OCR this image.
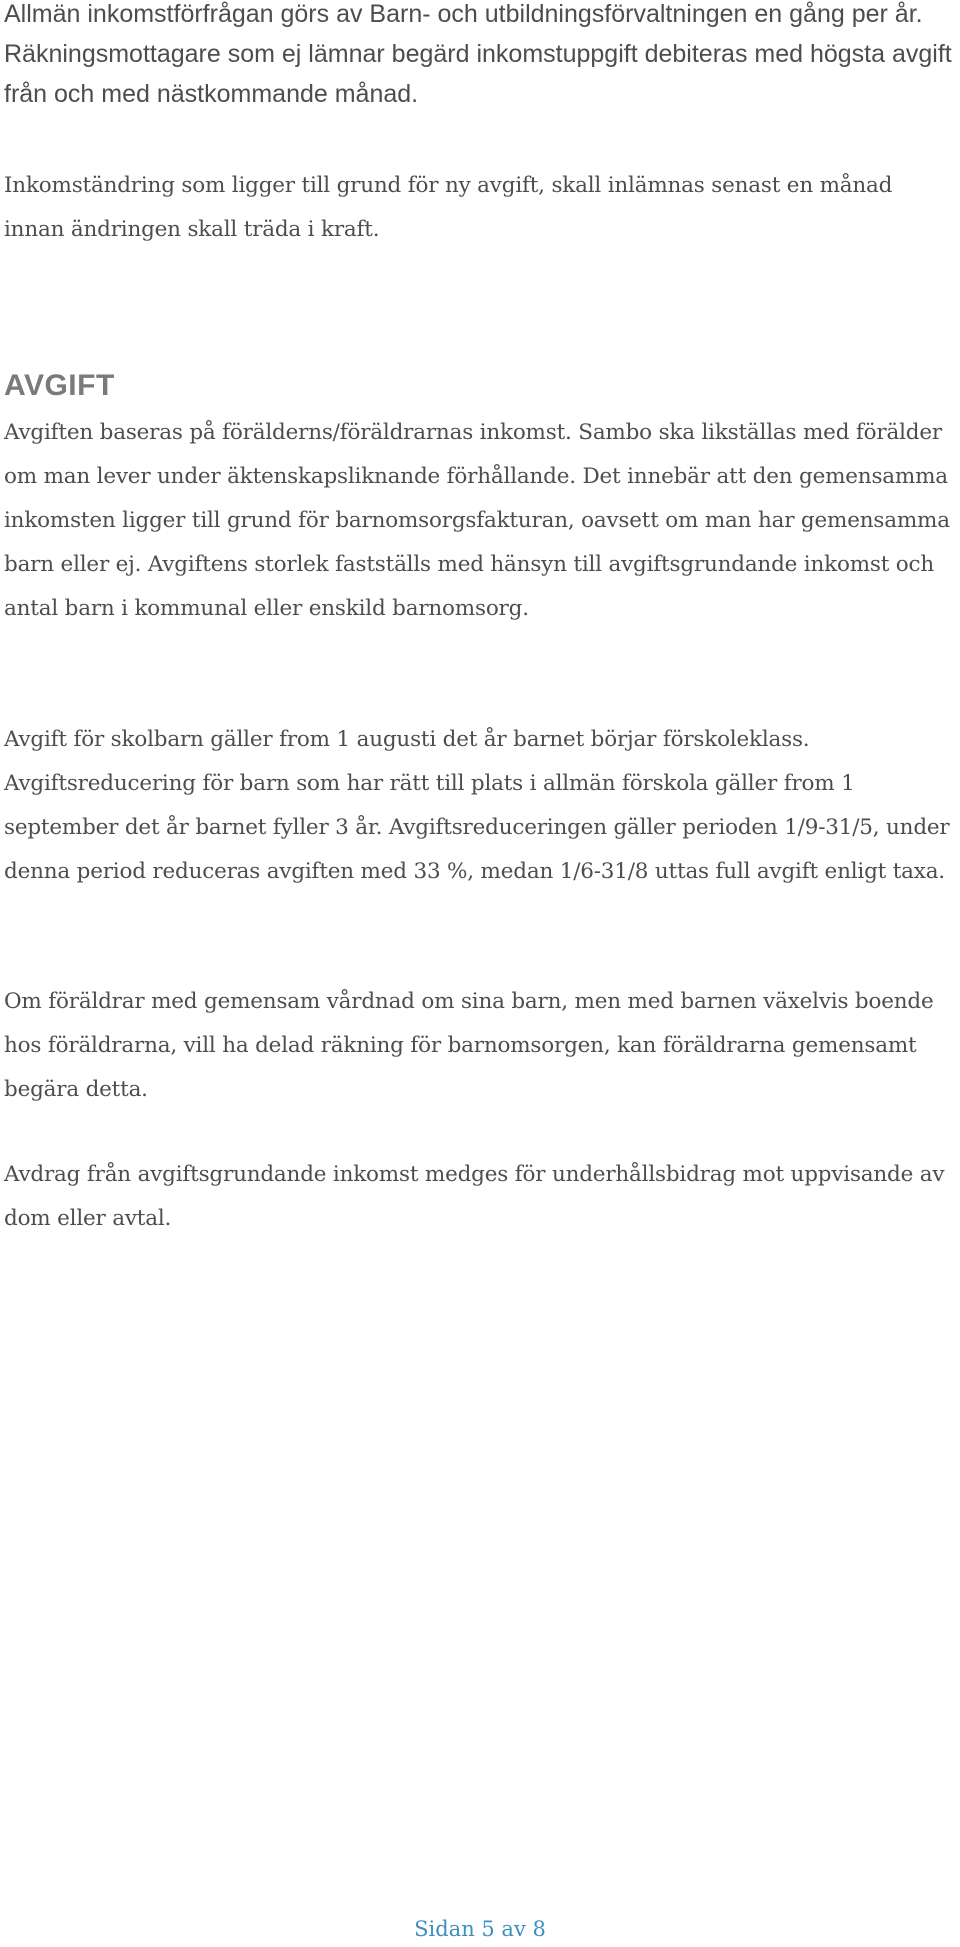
Allmän inkomstförfrågan görs av Barn- och utbildningsförvaltningen en gång per år. Räkningsmottagare som ej lämnar begärd inkomstuppgift debiteras med högsta avgift från och med nästkommande månad.

Inkomständring som ligger till grund för ny avgift, skall inlämnas senast en månad innan ändringen skall träda i kraft.

AVGIFT

Avgiften baseras på förälderns/föräldrarnas inkomst. Sambo ska likställas med förälder om man lever under äktenskapsliknande förhållande. Det innebär att den gemensamma inkomsten ligger till grund för barnomsorgsfakturan, oavsett om man har gemensamma barn eller ej. Avgiftens storlek fastställs med hänsyn till avgiftsgrundande inkomst och antal barn i kommunal eller enskild barnomsorg.

Avgift för skolbarn gäller from 1 augusti det år barnet börjar förskoleklass. Avgiftsreducering för barn som har rätt till plats i allmän förskola gäller from 1 september det år barnet fyller 3 år. Avgiftsreduceringen gäller perioden 1/9-31/5, under denna period reduceras avgiften med 33 %, medan 1/6-31/8 uttas full avgift enligt taxa.

Om föräldrar med gemensam vårdnad om sina barn, men med barnen växelvis boende hos föräldrarna, vill ha delad räkning för barnomsorgen, kan föräldrarna gemensamt begära detta.

Avdrag från avgiftsgrundande inkomst medges för underhållsbidrag mot uppvisande av dom eller avtal.

Sidan 5 av 8
